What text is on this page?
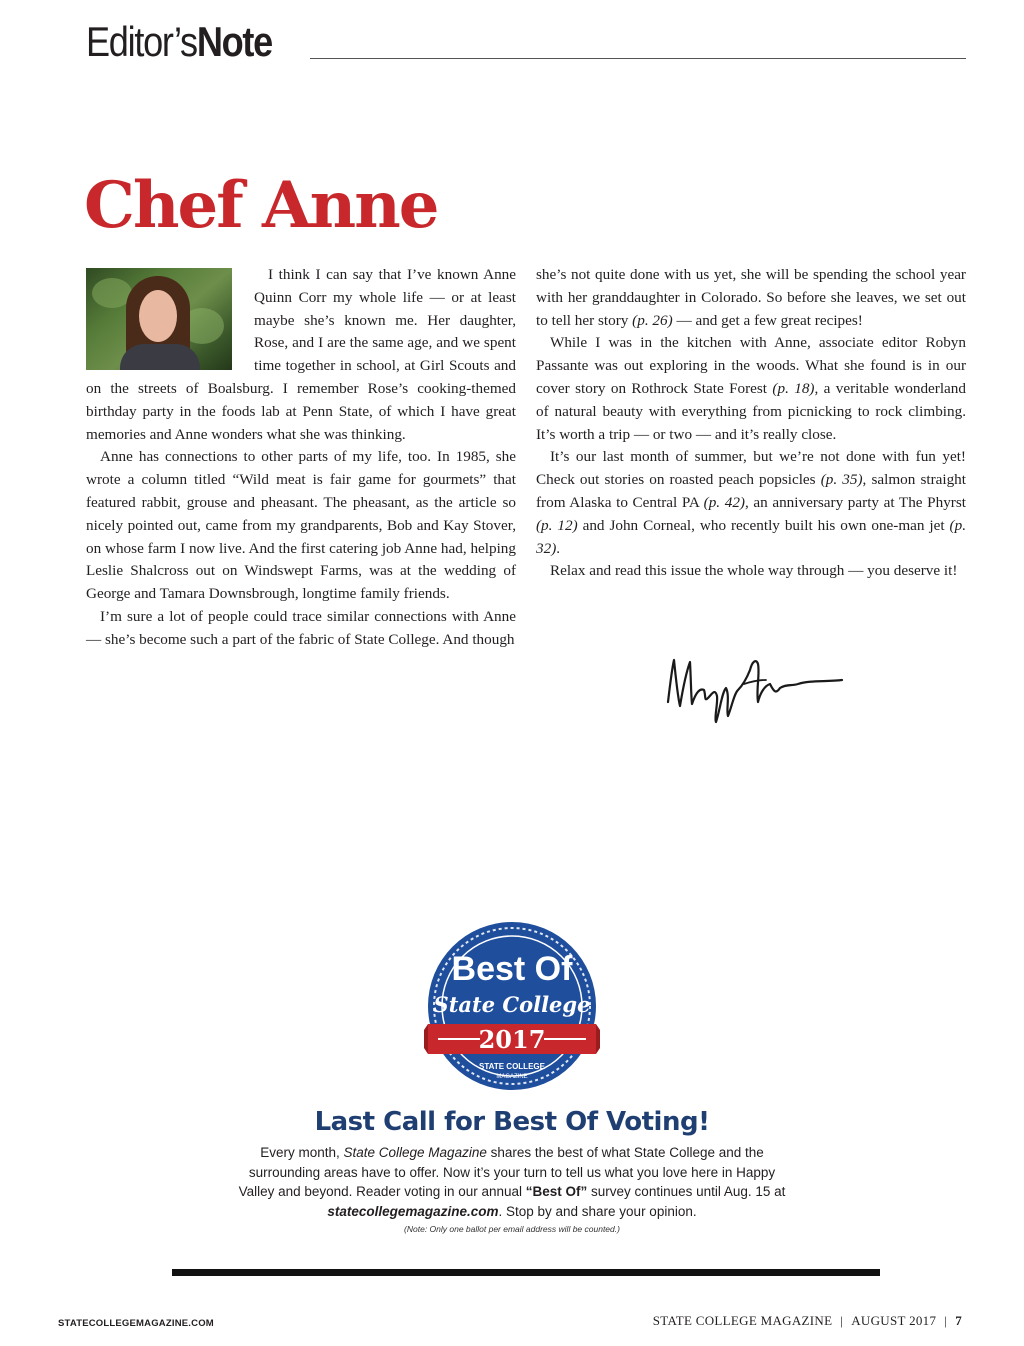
Editor’sNote
Chef Anne

I think I can say that I’ve known Anne Quinn Corr my whole life — or at least maybe she’s known me. Her daughter, Rose, and I are the same age, and we spent time together in school, at Girl Scouts and on the streets of Boalsburg. I remember Rose’s cooking-themed birthday party in the foods lab at Penn State, of which I have great memories and Anne wonders what she was thinking.

Anne has connections to other parts of my life, too. In 1985, she wrote a column titled “Wild meat is fair game for gourmets” that featured rabbit, grouse and pheasant. The pheasant, as the article so nicely pointed out, came from my grandparents, Bob and Kay Stover, on whose farm I now live. And the first catering job Anne had, helping Leslie Shalcross out on Windswept Farms, was at the wedding of George and Tamara Downsbrough, longtime family friends.

I’m sure a lot of people could trace similar connections with Anne — she’s become such a part of the fabric of State College. And though

she’s not quite done with us yet, she will be spending the school year with her granddaughter in Colorado. So before she leaves, we set out to tell her story (p. 26) — and get a few great recipes!

While I was in the kitchen with Anne, associate editor Robyn Passante was out exploring in the woods. What she found is in our cover story on Rothrock State Forest (p. 18), a veritable wonderland of natural beauty with everything from picnicking to rock climbing. It’s worth a trip — or two — and it’s really close.

It’s our last month of summer, but we’re not done with fun yet! Check out stories on roasted peach popsicles (p. 35), salmon straight from Alaska to Central PA (p. 42), an anniversary party at The Phyrst (p. 12) and John Corneal, who recently built his own one-man jet (p. 32).

Relax and read this issue the whole way through — you deserve it!

Best Of
State College
2017
STATE COLLEGE
MAGAZINE
Last Call for Best Of Voting!
Every month, State College Magazine shares the best of what State College and the surrounding areas have to offer. Now it’s your turn to tell us what you love here in Happy Valley and beyond. Reader voting in our annual “Best Of” survey continues until Aug. 15 at statecollegemagazine.com. Stop by and share your opinion.
(Note: Only one ballot per email address will be counted.)
STATECOLLEGEMAGAZINE.COM	STATE COLLEGE MAGAZINE | AUGUST 2017 | 7
